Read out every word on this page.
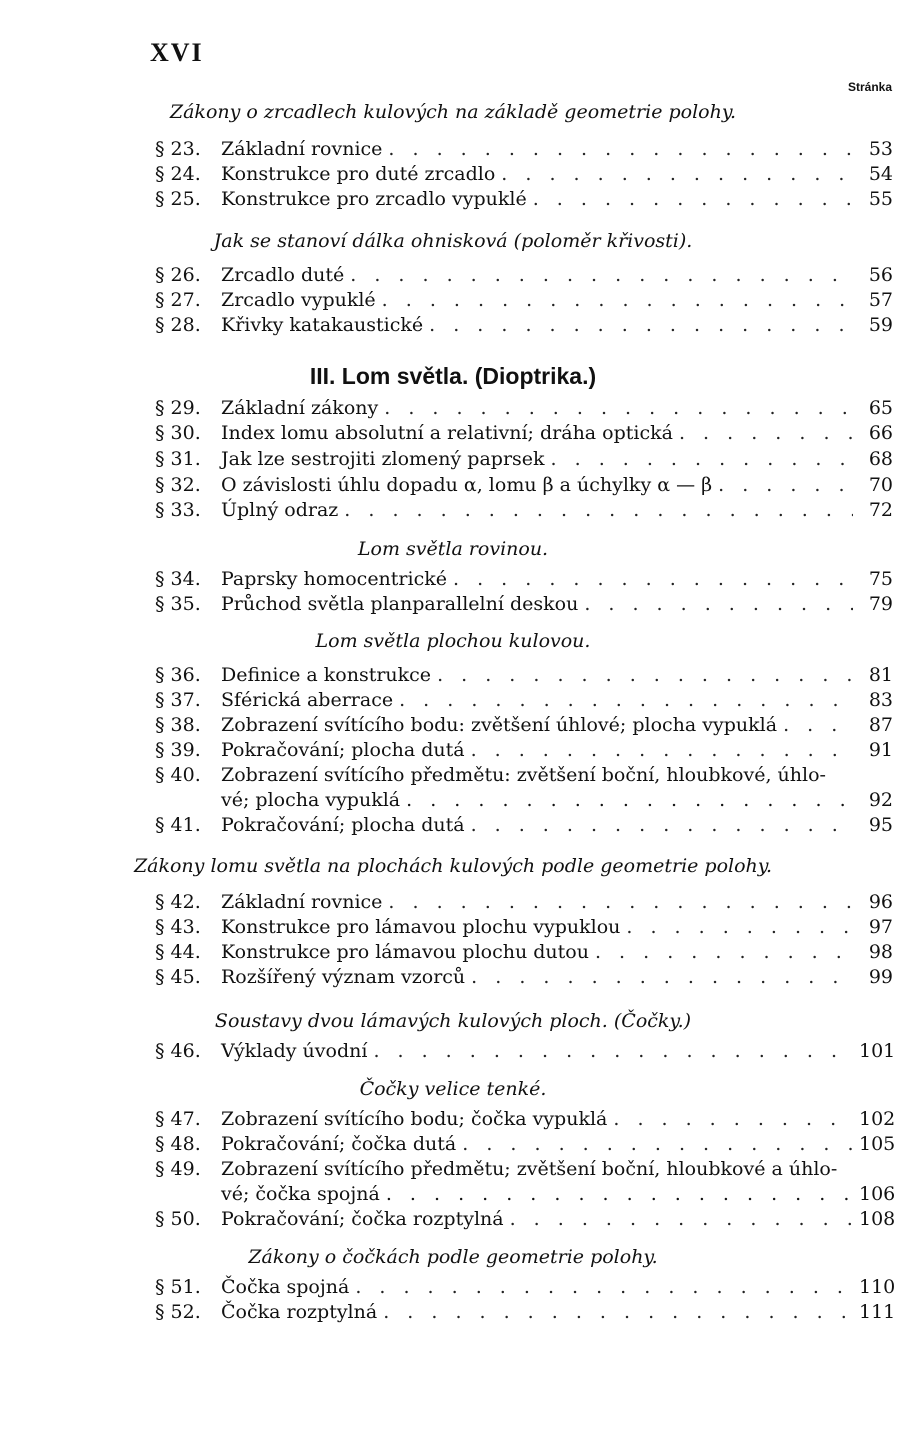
XVI
Stránka
Zákony o zrcadlech kulových na základě geometrie polohy.
§ 23.	Základní rovnice . . .	53
§ 24.	Konstrukce pro duté zrcadlo . . .	54
§ 25.	Konstrukce pro zrcadlo vypuklé . . .	55
Jak se stanoví dálka ohnisková (poloměr křivosti).
§ 26.	Zrcadlo duté . . .	56
§ 27.	Zrcadlo vypuklé . . .	57
§ 28.	Křivky katakaustické . . .	59
III. Lom světla. (Dioptrika.)
§ 29.	Základní zákony . . .	65
§ 30.	Index lomu absolutní a relativní; dráha optická . . .	66
§ 31.	Jak lze sestrojiti zlomený paprsek . . .	68
§ 32.	O závislosti úhlu dopadu α, lomu β a úchylky α — β . . .	70
§ 33.	Úplný odraz . . .	72
Lom světla rovinou.
§ 34.	Paprsky homocentrické . . .	75
§ 35.	Průchod světla planparallelní deskou . . .	79
Lom světla plochou kulovou.
§ 36.	Definice a konstrukce . . .	81
§ 37.	Sférická aberrace . . .	83
§ 38.	Zobrazení svítícího bodu: zvětšení úhlové; plocha vypuklá . . .	87
§ 39.	Pokračování; plocha dutá . . .	91
§ 40.	Zobrazení svítícího předmětu: zvětšení boční, hloubkové, úhlo-
vé; plocha vypuklá . . .	92
§ 41.	Pokračování; plocha dutá . . .	95
Zákony lomu světla na plochách kulových podle geometrie polohy.
§ 42.	Základní rovnice . . .	96
§ 43.	Konstrukce pro lámavou plochu vypuklou . . .	97
§ 44.	Konstrukce pro lámavou plochu dutou . . .	98
§ 45.	Rozšířený význam vzorců . . .	99
Soustavy dvou lámavých kulových ploch. (Čočky.)
§ 46.	Výklady úvodní . . .	101
Čočky velice tenké.
§ 47.	Zobrazení svítícího bodu; čočka vypuklá . . .	102
§ 48.	Pokračování; čočka dutá . . .	105
§ 49.	Zobrazení svítícího předmětu; zvětšení boční, hloubkové a úhlo-
vé; čočka spojná . . .	106
§ 50.	Pokračování; čočka rozptylná . . .	108
Zákony o čočkách podle geometrie polohy.
§ 51.	Čočka spojná . . .	110
§ 52.	Čočka rozptylná . . .	111
